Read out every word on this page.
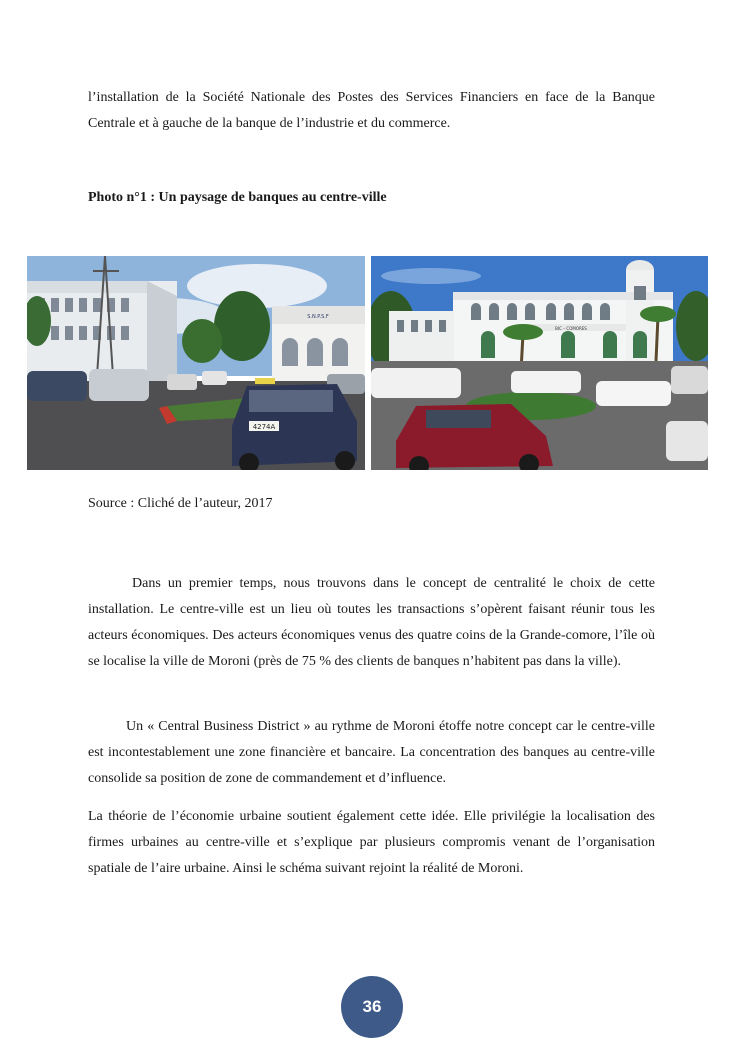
l’installation de la Société Nationale des Postes des Services Financiers en face de la Banque Centrale et à gauche de la banque de l’industrie et du commerce.

Photo n°1 : Un paysage de banques au centre-ville

S.N.P.S.F
4274A
BIC – COMORES

Source : Cliché de l’auteur, 2017

Dans un premier temps, nous trouvons dans le concept de centralité le choix de cette installation. Le centre-ville est un lieu où toutes les transactions s’opèrent faisant réunir tous les acteurs économiques. Des acteurs économiques venus des quatre coins de la Grande-comore, l’île où se localise la ville de Moroni (près de 75 % des clients de banques n’habitent pas dans la ville).

Un « Central Business District » au rythme de Moroni étoffe notre concept car le centre-ville est incontestablement une zone financière et bancaire. La concentration des banques au centre-ville consolide sa position de zone de commandement et d’influence.

La théorie de l’économie urbaine soutient également cette idée. Elle privilégie la localisation des firmes urbaines au centre-ville et s’explique par plusieurs compromis venant de l’organisation spatiale de l’aire urbaine. Ainsi le schéma suivant rejoint la réalité de Moroni.

36
